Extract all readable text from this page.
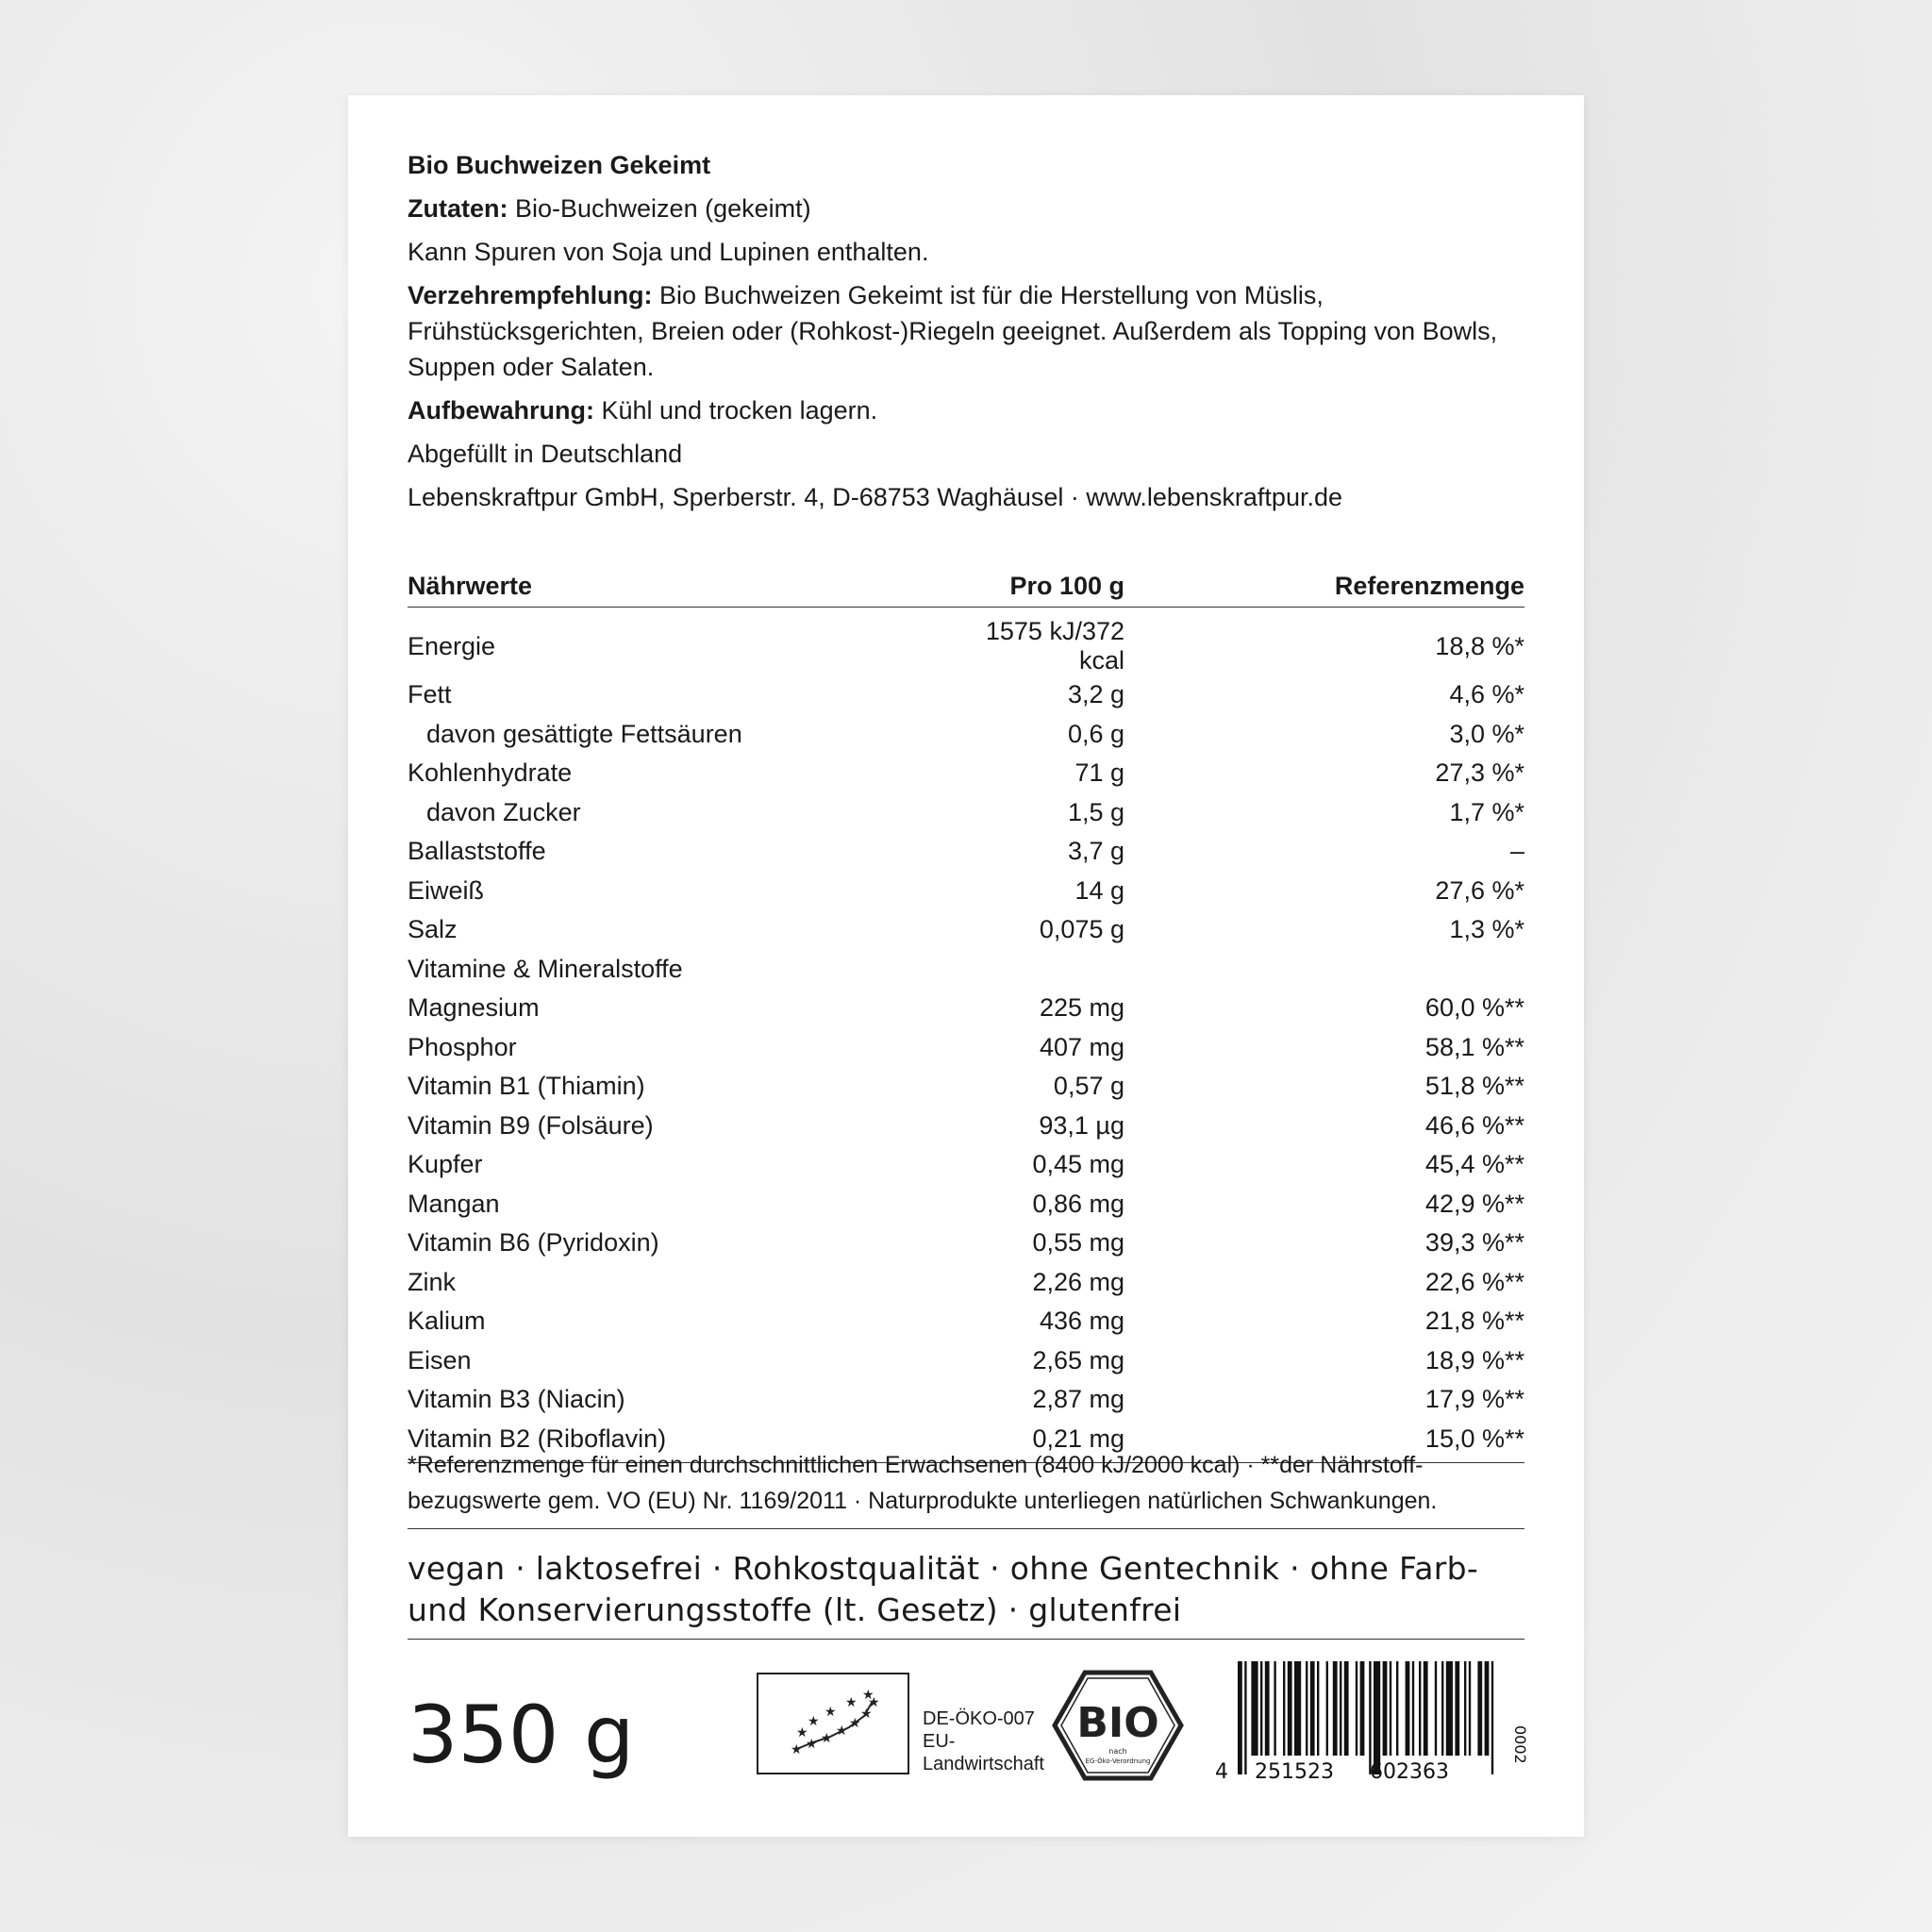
Bio Buchweizen Gekeimt

Zutaten: Bio-Buchweizen (gekeimt)

Kann Spuren von Soja und Lupinen enthalten.

Verzehrempfehlung: Bio Buchweizen Gekeimt ist für die Herstellung von Müslis, Frühstücksgerichten, Breien oder (Rohkost-)Riegeln geeignet. Außerdem als Topping von Bowls, Suppen oder Salaten.

Aufbewahrung: Kühl und trocken lagern.

Abgefüllt in Deutschland

Lebenskraftpur GmbH, Sperberstr. 4, D-68753 Waghäusel · www.lebenskraftpur.de

Nährwerte	Pro 100 g	Referenzmenge
Energie	1575 kJ/372 kcal	18,8 %*
Fett	3,2 g	4,6 %*
davon gesättigte Fettsäuren	0,6 g	3,0 %*
Kohlenhydrate	71 g	27,3 %*
davon Zucker	1,5 g	1,7 %*
Ballaststoffe	3,7 g	–
Eiweiß	14 g	27,6 %*
Salz	0,075 g	1,3 %*
Vitamine & Mineralstoffe		
Magnesium	225 mg	60,0 %**
Phosphor	407 mg	58,1 %**
Vitamin B1 (Thiamin)	0,57 g	51,8 %**
Vitamin B9 (Folsäure)	93,1 µg	46,6 %**
Kupfer	0,45 mg	45,4 %**
Mangan	0,86 mg	42,9 %**
Vitamin B6 (Pyridoxin)	0,55 mg	39,3 %**
Zink	2,26 mg	22,6 %**
Kalium	436 mg	21,8 %**
Eisen	2,65 mg	18,9 %**
Vitamin B3 (Niacin)	2,87 mg	17,9 %**
Vitamin B2 (Riboflavin)	0,21 mg	15,0 %**
*Referenzmenge für einen durchschnittlichen Erwachsenen (8400 kJ/2000 kcal) · **der Nährstoff-bezugswerte gem. VO (EU) Nr. 1169/2011 · Naturprodukte unterliegen natürlichen Schwankungen.
vegan · laktosefrei · Rohkostqualität · ohne Gentechnik · ohne Farb- und Konservierungsstoffe (lt. Gesetz) · glutenfrei
350 g	★ ★ ★ ★ ★
★
★
★
★
★
★
★
DE-ÖKO-007
EU-
Landwirtschaft
BIO
nach
EG-Öko-Verordnung	4 251523 602363
0002
